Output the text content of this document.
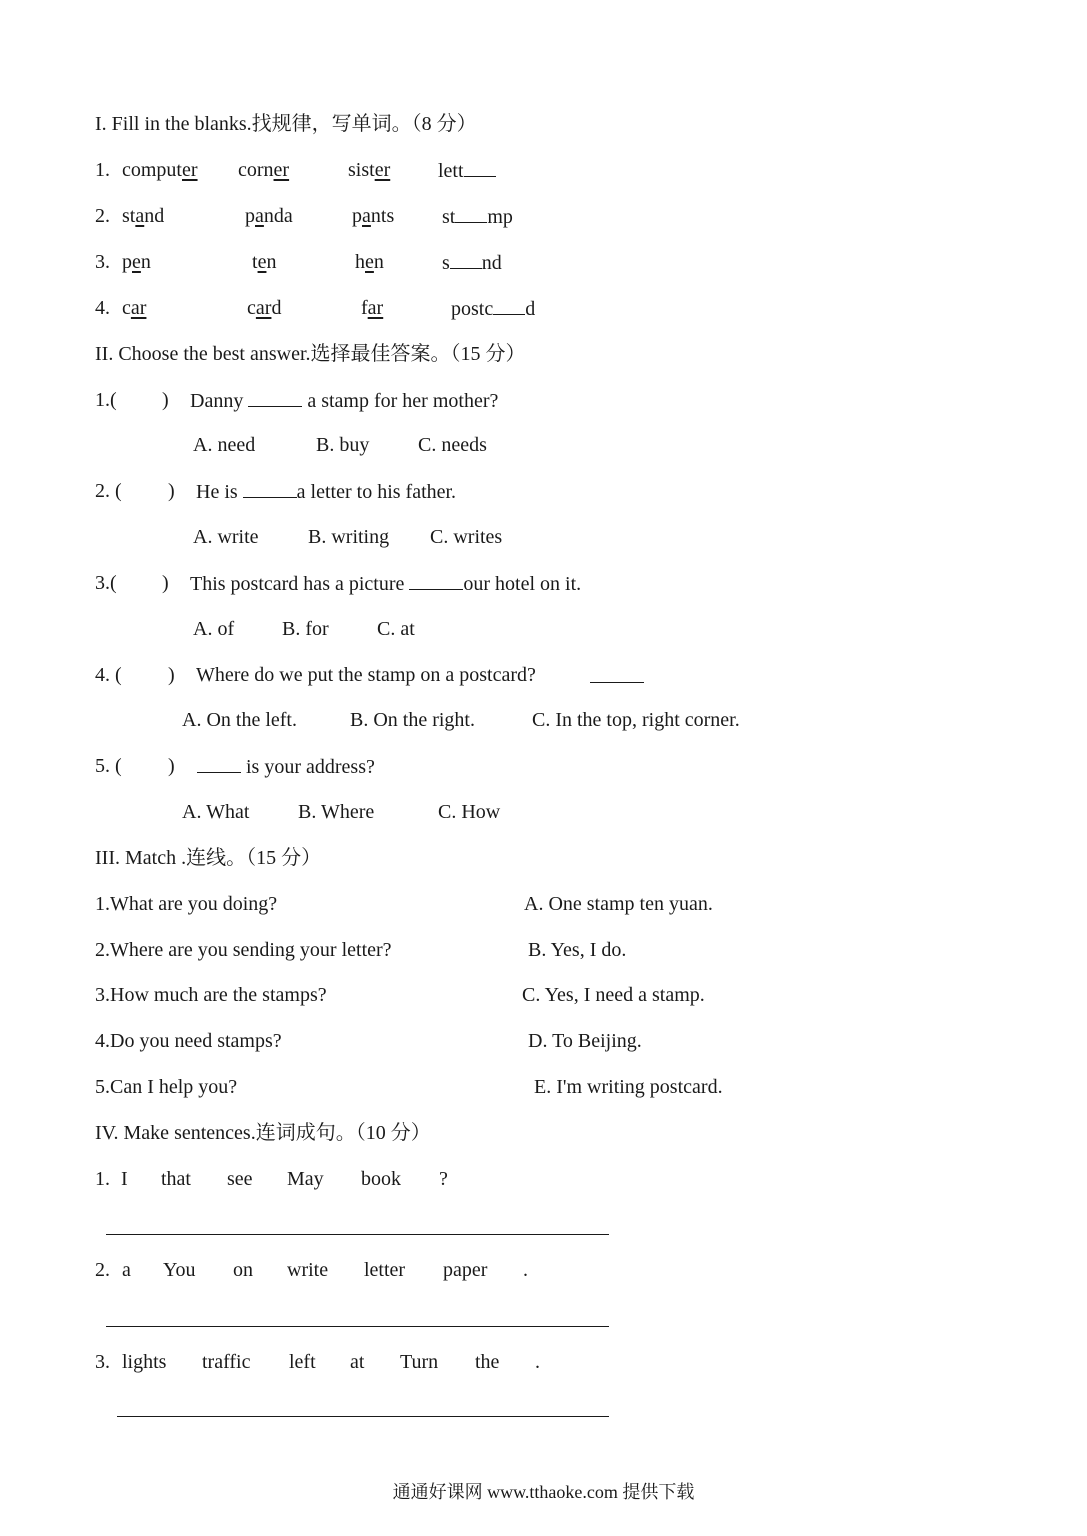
I. Fill in the blanks.找规律，写单词。（8 分）
1. computer corner	sister lett
2. stand	panda	pants st mp
3. pen	ten	hen	s nd
4. car	card	far	postc d
II. Choose the best answer.选择最佳答案。（15 分）
1.( ) Danny	a stamp for her mother?
A. need	B. buy C. needs
2. ( ) He is	a letter to his father.
A. write B. writing C. writes
3.( ) This postcard has a picture	our hotel on it.
A. of B. for C. at
4. ( ) Where do we put the stamp on a postcard?
A. On the left.	B. On the right.	C. In the top, right corner.
5. ( )	is your address?
A. What B. Where	C. How
III. Match .连线。（15 分）
1.What are you doing?	A. One stamp ten yuan.
2.Where are you sending your letter?	B. Yes, I do.
3.How much are the stamps?	C. Yes, I need a stamp.
4.Do you need stamps?	D. To Beijing.
5.Can I help you?	E. I'm writing postcard.
IV. Make sentences.连词成句。（10 分）
1. I that see May book ?
2. a You on write letter paper .
3. lights traffic left at Turn the .
通通好课网 www.tthaoke.com 提供下载
